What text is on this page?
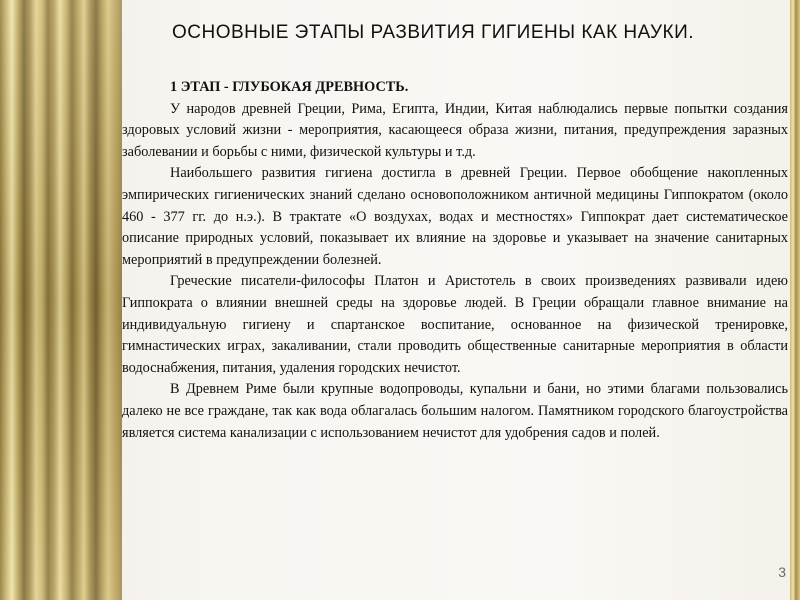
ОСНОВНЫЕ ЭТАПЫ РАЗВИТИЯ ГИГИЕНЫ КАК НАУКИ.

1 ЭТАП - ГЛУБОКАЯ ДРЕВНОСТЬ.

У народов древней Греции, Рима, Египта, Индии, Китая наблюдались первые попытки создания здоровых условий жизни - мероприятия, касающееся образа жизни, питания, предупреждения заразных заболевании и борьбы с ними, физической культуры и т.д.

Наибольшего развития гигиена достигла в древней Греции. Первое обобщение накопленных эмпирических гигиенических знаний сделано основоположником античной медицины Гиппократом (около 460 - 377 гг. до н.э.). В трактате «О воздухах, водах и местностях» Гиппократ дает систематическое описание природных условий, показывает их влияние на здоровье и указывает на значение санитарных мероприятий в предупреждении болезней.

Греческие писатели-философы Платон и Аристотель в своих произведениях развивали идею Гиппократа о влиянии внешней среды на здоровье людей. В Греции обращали главное внимание на индивидуальную гигиену и спартанское воспитание, основанное на физической тренировке, гимнастических играх, закаливании, стали проводить общественные санитарные мероприятия в области водоснабжения, питания, удаления городских нечистот.

В Древнем Риме были крупные водопроводы, купальни и бани, но этими благами пользовались далеко не все граждане, так как вода облагалась большим налогом. Памятником городского благоустройства является система канализации с использованием нечистот для удобрения садов и полей.

3
